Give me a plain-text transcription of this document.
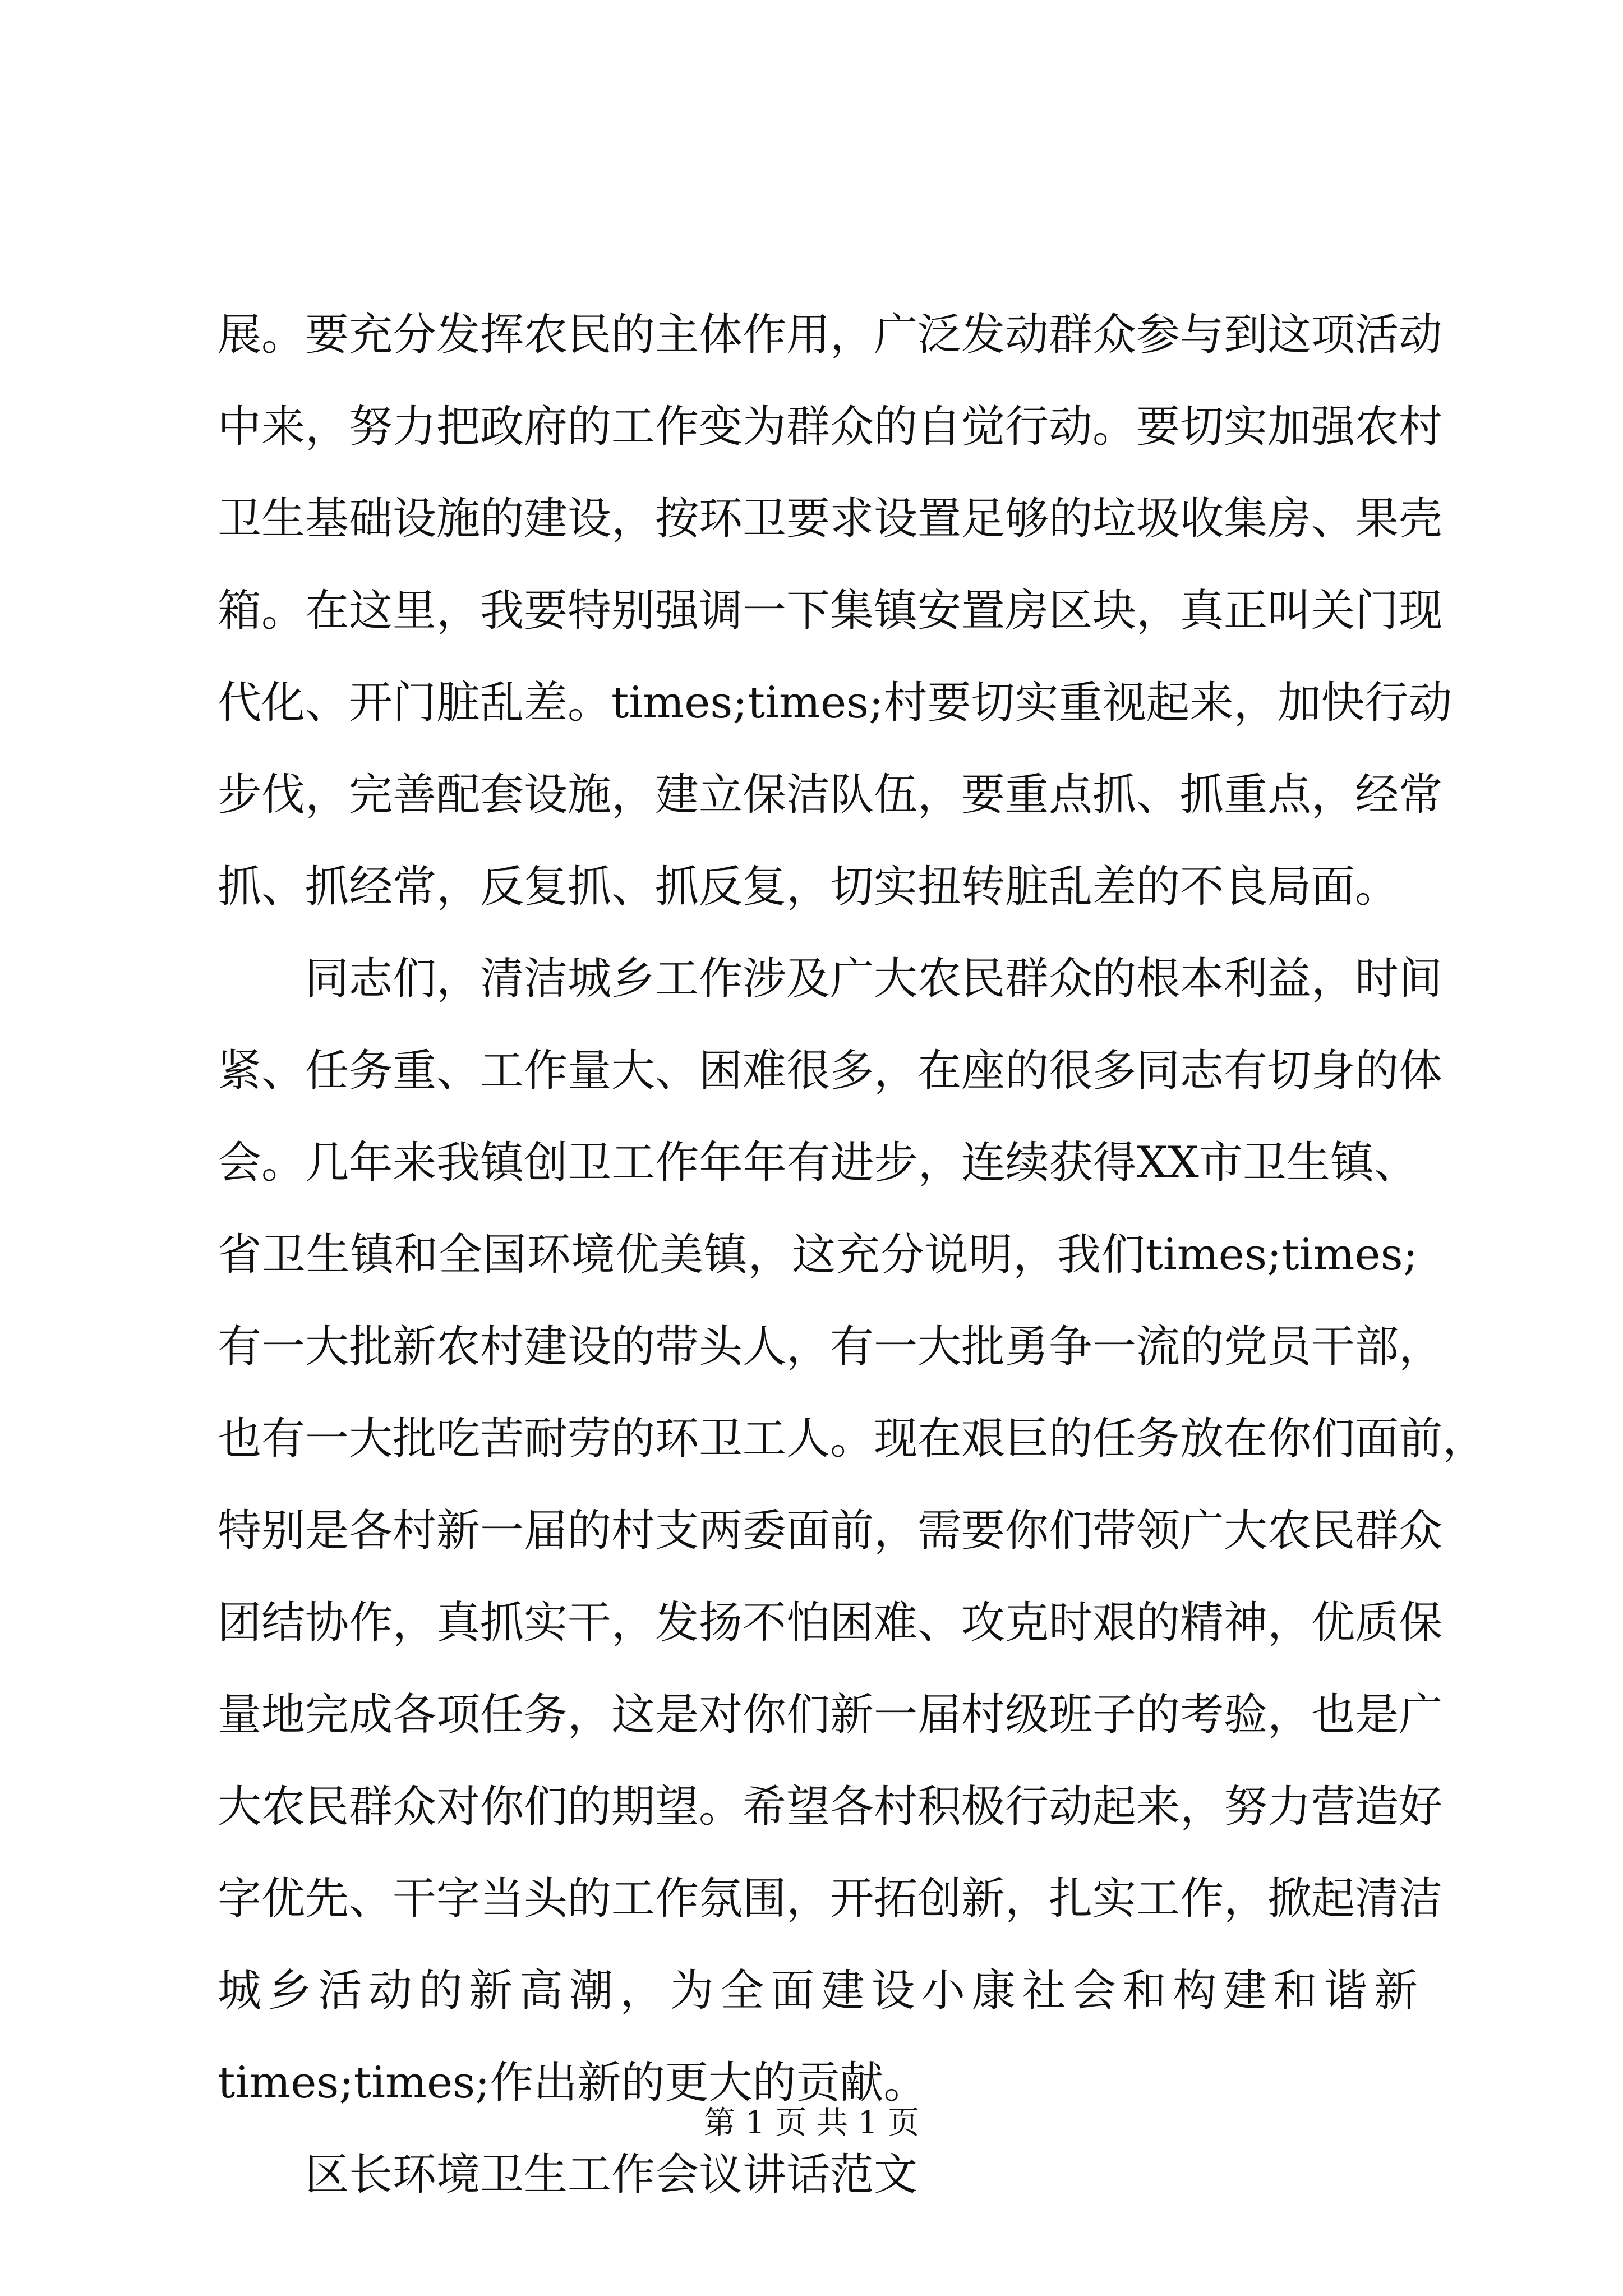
展。要充分发挥农民的主体作用，广泛发动群众参与到这项活动
中来，努力把政府的工作变为群众的自觉行动。要切实加强农村
卫生基础设施的建设，按环卫要求设置足够的垃圾收集房、果壳
箱。在这里，我要特别强调一下集镇安置房区块，真正叫关门现
代化、开门脏乱差。times;times;村要切实重视起来，加快行动
步伐，完善配套设施，建立保洁队伍，要重点抓、抓重点，经常
抓、抓经常，反复抓、抓反复，切实扭转脏乱差的不良局面。
同志们，清洁城乡工作涉及广大农民群众的根本利益，时间
紧、任务重、工作量大、困难很多，在座的很多同志有切身的体
会。几年来我镇创卫工作年年有进步，连续获得XX市卫生镇、
省卫生镇和全国环境优美镇，这充分说明，我们times;times;
有一大批新农村建设的带头人，有一大批勇争一流的党员干部，
也有一大批吃苦耐劳的环卫工人。现在艰巨的任务放在你们面前，
特别是各村新一届的村支两委面前，需要你们带领广大农民群众
团结协作，真抓实干，发扬不怕困难、攻克时艰的精神，优质保
量地完成各项任务，这是对你们新一届村级班子的考验，也是广
大农民群众对你们的期望。希望各村积极行动起来，努力营造好
字优先、干字当头的工作氛围，开拓创新，扎实工作，掀起清洁
城乡活动的新高潮，为全面建设小康社会和构建和谐新
times;times;作出新的更大的贡献。
区长环境卫生工作会议讲话范文
第 1 页 共 1 页
